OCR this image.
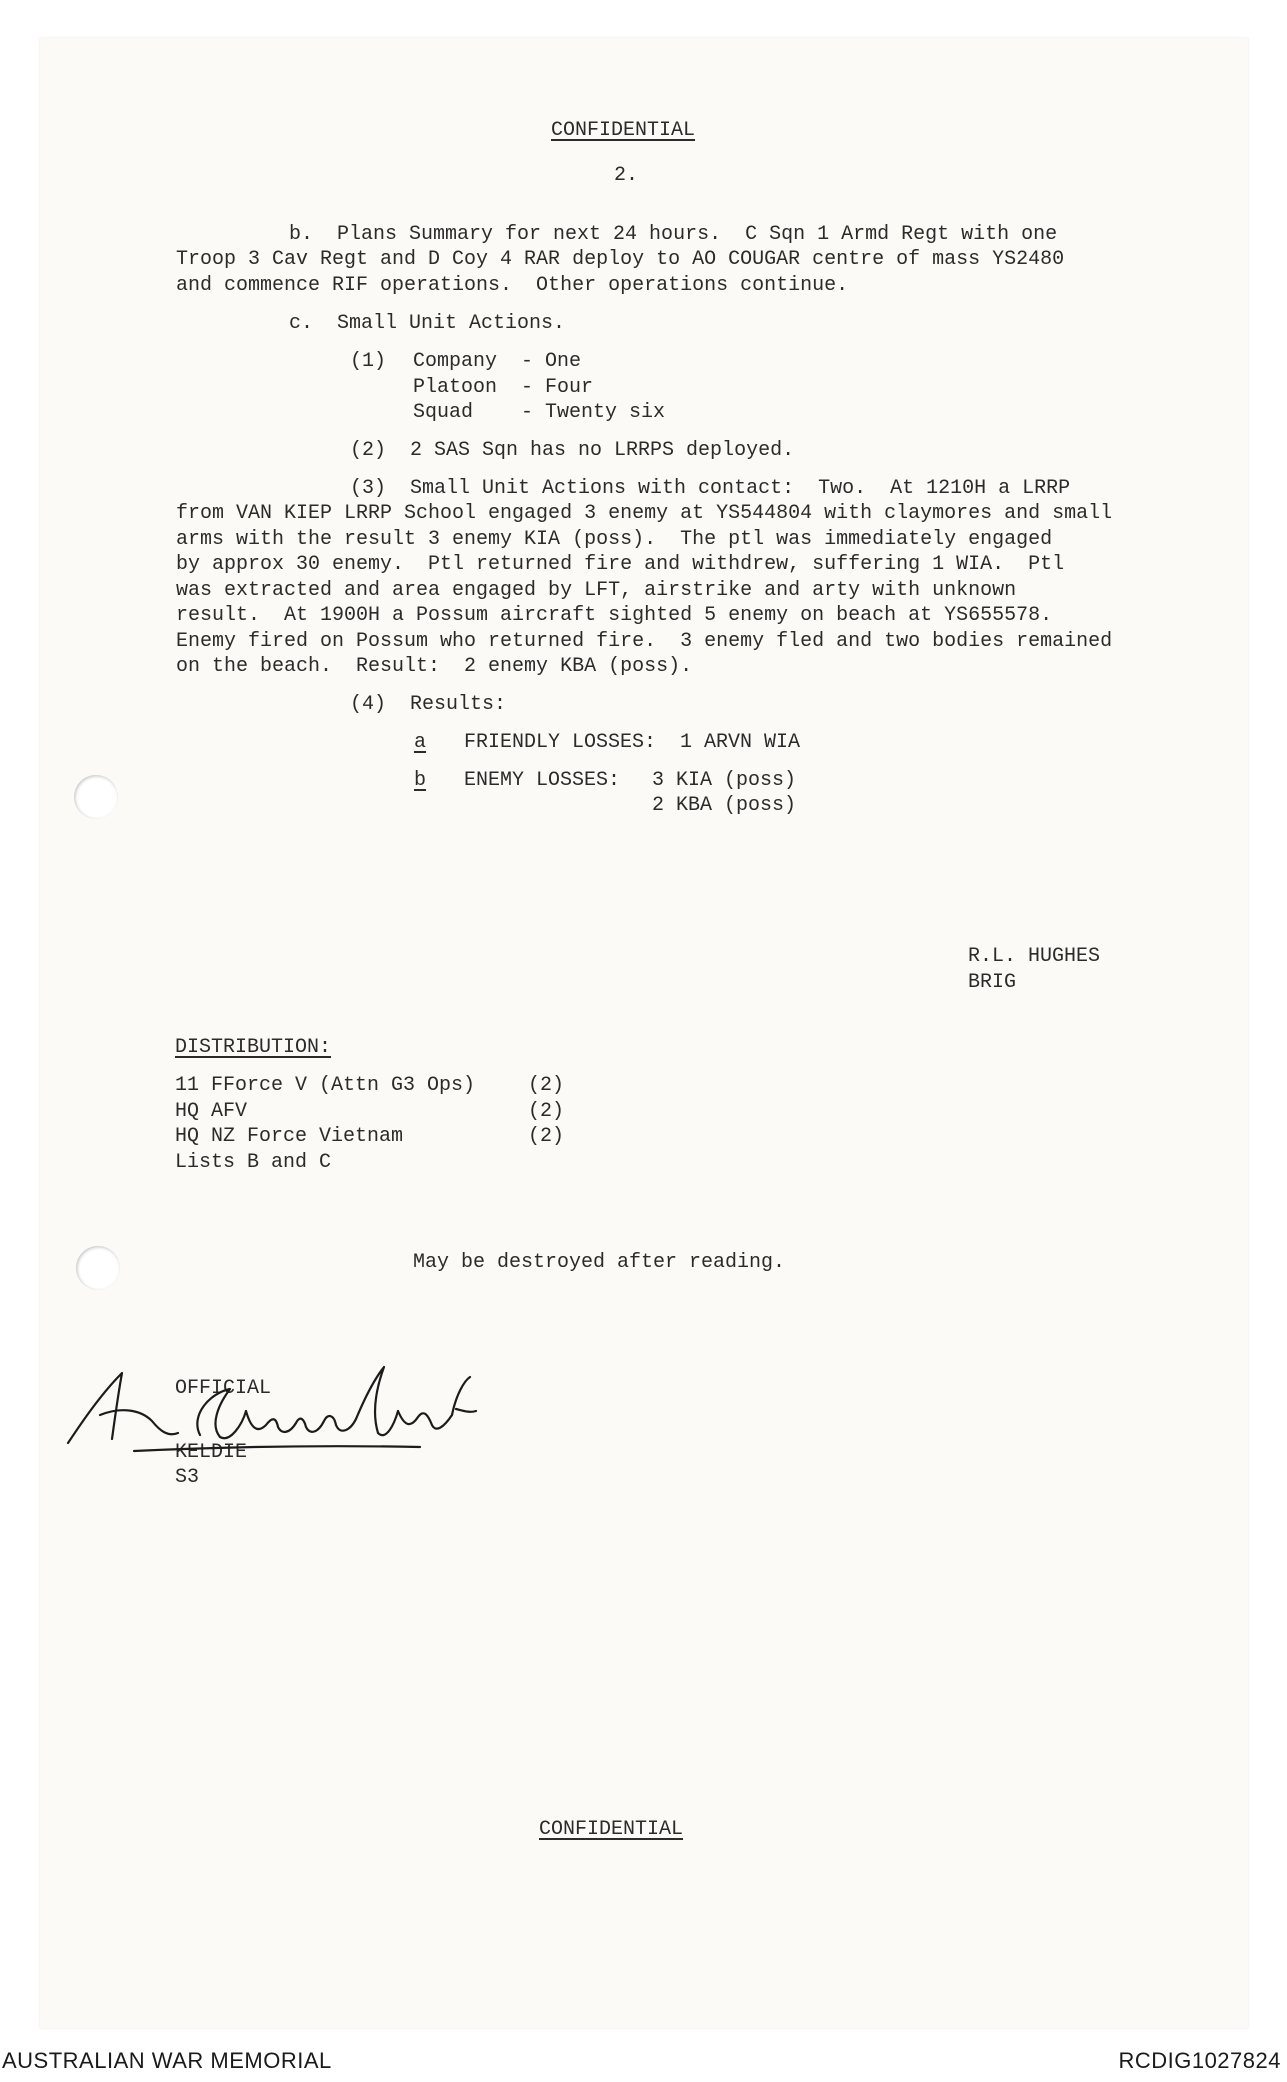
CONFIDENTIAL
2.
b.  Plans Summary for next 24 hours.  C Sqn 1 Armd Regt with one
Troop 3 Cav Regt and D Coy 4 RAR deploy to AO COUGAR centre of mass YS2480
and commence RIF operations.  Other operations continue.
c.  Small Unit Actions.
(1) Company  - One
Platoon  - Four
Squad    - Twenty six
(2)  2 SAS Sqn has no LRRPS deployed.
(3)  Small Unit Actions with contact:  Two.  At 1210H a LRRP
from VAN KIEP LRRP School engaged 3 enemy at YS544804 with claymores and small
arms with the result 3 enemy KIA (poss).  The ptl was immediately engaged
by approx 30 enemy.  Ptl returned fire and withdrew, suffering 1 WIA.  Ptl
was extracted and area engaged by LFT, airstrike and arty with unknown
result.  At 1900H a Possum aircraft sighted 5 enemy on beach at YS655578.
Enemy fired on Possum who returned fire.  3 enemy fled and two bodies remained
on the beach.  Result:  2 enemy KBA (poss).
(4)  Results:
a FRIENDLY LOSSES:  1 ARVN WIA
b ENEMY LOSSES: 3 KIA (poss)
2 KBA (poss)
R.L. HUGHES
BRIG
DISTRIBUTION:
11 FForce V (Attn G3 Ops)	(2)
HQ AFV	(2)
HQ NZ Force Vietnam	(2)
Lists B and C
May be destroyed after reading.
OFFICIAL
KELDIE
S3
CONFIDENTIAL
AUSTRALIAN WAR MEMORIAL	RCDIG1027824
